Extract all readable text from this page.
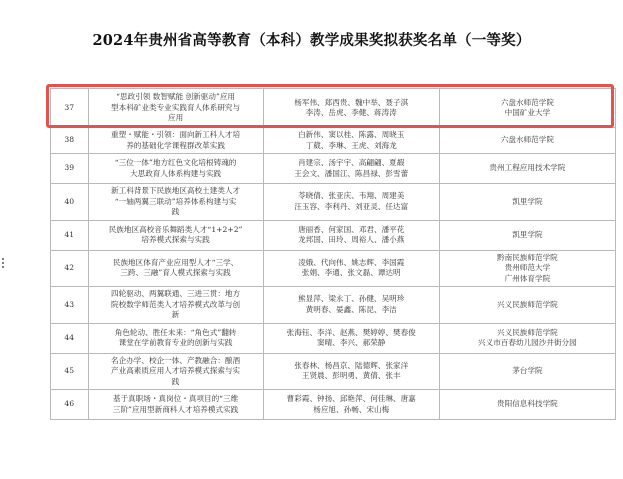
2024年贵州省高等教育（本科）教学成果奖拟获奖名单（一等奖）
37	“思政引领 数智赋能 创新驱动”应用
型本科矿业类专业实践育人体系研究与
应用	杨军伟、郑西贵、魏中举、聂子淇
李涛、岳虎、李健、蒋涛涛	六盘水师范学院
中国矿业大学

38	重塑・赋能・引领：面向新工科人才培
养的基础化学课程群改革实践	白新伟、窦以桂、陈露、周晓玉
丁葳、李琳、王虎、刘海龙	六盘水师范学院

39	“三位一体”地方红色文化培根铸魂的
大思政育人体系构建与实践	肖建宗、汤宇宇、高翩翩、夏嘏
王会文、潘国江、陈昌禄、彭雪蕾	贵州工程应用技术学院

40	新工科背景下民族地区高校土建类人才
“一轴两翼三联动”培养体系构建与实
践	苓晓倩、张亚庆、韦翔、周建美
汪玉容、李利丹、刘亚灵、任达富	凯里学院

41	民族地区高校音乐舞蹈类人才“1+2+2”
培养模式探索与实践	唐丽香、何家国、邓君、潘平花
龙邦国、田玲、周裕人、潘小燕	凯里学院

42	民族地区体育产业应用型人才“三学、
三跨、三融”育人模式探索与实践	凌娥、代向伟、姚志辉、李国霞
张娟、李通、张文磊、谭达明	黔南民族师范学院
贵州师范大学
广州体育学院

43	四轮驱动、两翼联通、三进三贯：地方
院校数学师范类人才培养模式改革与创
新	熊显萍、梁永丁、孙健、吴明珍
黄明春、晏鑫、陈昆、李洁	兴义民族师范学院

44	角色轮动、胜任未来：“角色式”翻转
课堂在学前教育专业的创新与实践	张海钰、李洋、赵燕、樊婷婷、樊春俊
窦晴、李兴、郝荣静	兴义民族师范学院
兴义市百春幼儿园沙井街分园

45	名企办学、校企一体、产教融合：酿酒
产业高素质应用人才培养模式探索与实
践	张春林、杨昌京、陆德辉、张家洋
王贤晨、彭明勇、黄倩、张丰	茅台学院

46	基于真职场・真岗位・真项目的“三维
三阶”应用型新商科人才培养模式实践	曹彩霞、钟扬、邱艳萍、何佳琳、唐嘉
杨应旭、孙畅、宋山梅	贵阳信息科技学院
